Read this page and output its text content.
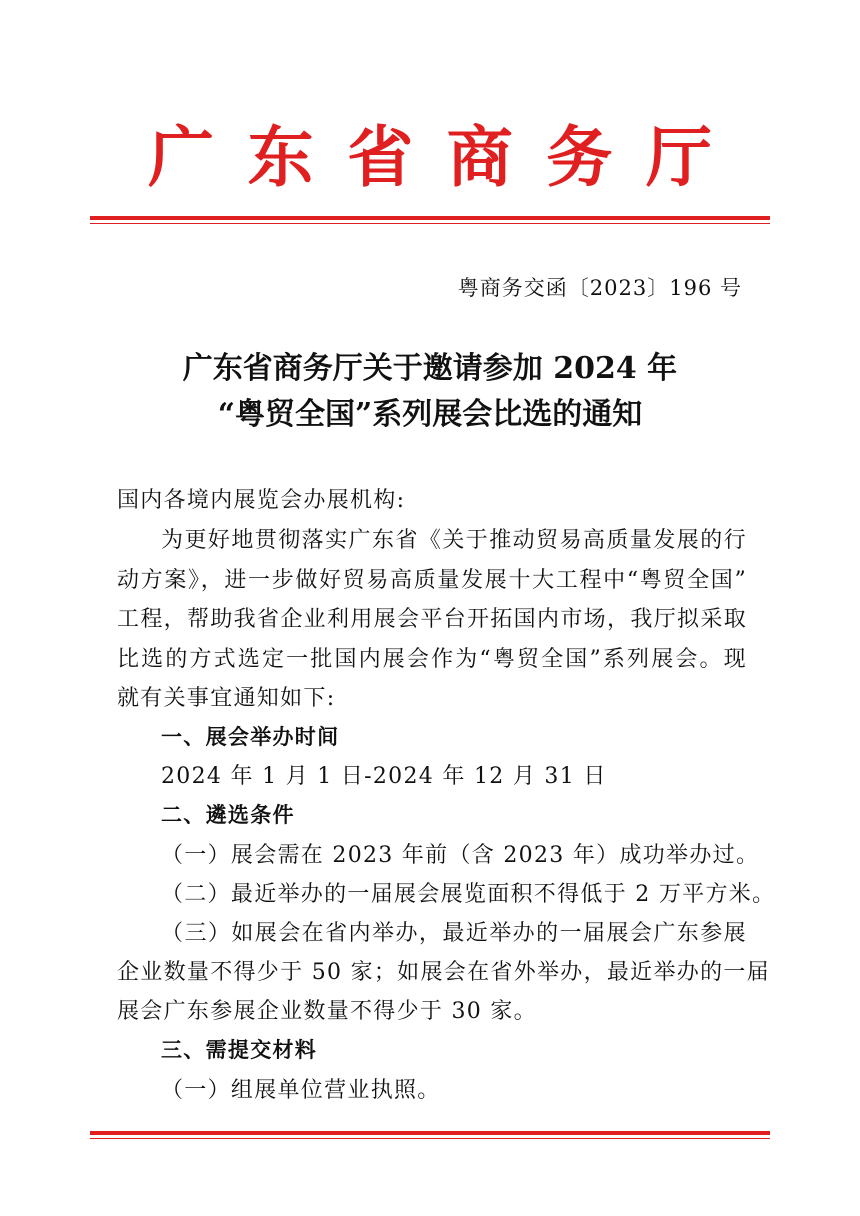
广 东 省 商 务 厅
粤商务交函〔2023〕196 号
广东省商务厅关于邀请参加 2024 年
“粤贸全国”系列展会比选的通知
国内各境内展览会办展机构:
为更好地贯彻落实广东省《关于推动贸易高质量发展的行
动方案》，进一步做好贸易高质量发展十大工程中“粤贸全国”
工程，帮助我省企业利用展会平台开拓国内市场，我厅拟采取
比选的方式选定一批国内展会作为“粤贸全国”系列展会。现
就有关事宜通知如下:
一、展会举办时间
2024 年 1 月 1 日-2024 年 12 月 31 日
二、遴选条件
（一）展会需在 2023 年前（含 2023 年）成功举办过。
（二）最近举办的一届展会展览面积不得低于 2 万平方米。
（三）如展会在省内举办，最近举办的一届展会广东参展
企业数量不得少于 50 家；如展会在省外举办，最近举办的一届
展会广东参展企业数量不得少于 30 家。
三、需提交材料
（一）组展单位营业执照。
